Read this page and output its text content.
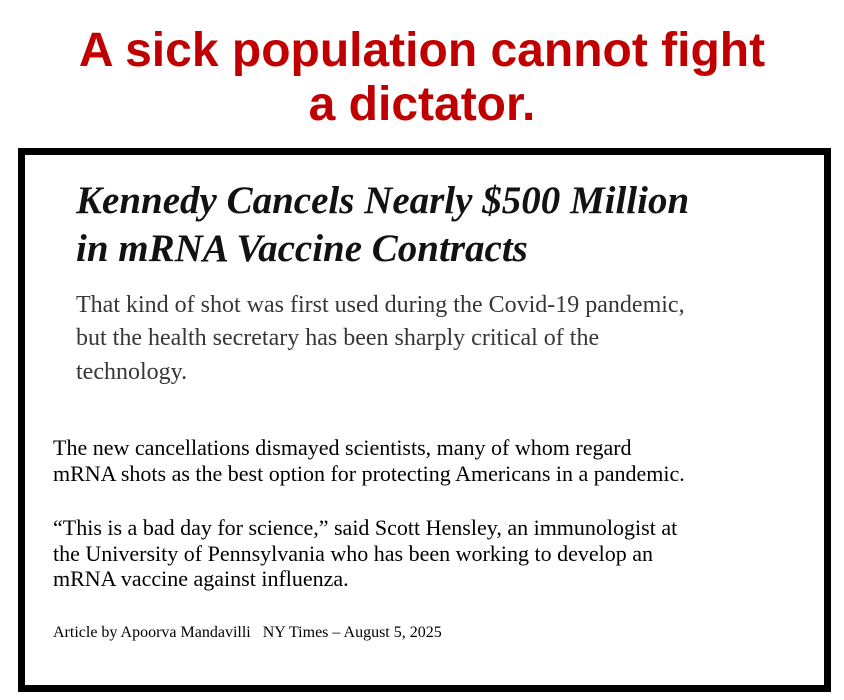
A sick population cannot fight
a dictator.
Kennedy Cancels Nearly $500 Million
in mRNA Vaccine Contracts

That kind of shot was first used during the Covid-19 pandemic,
but the health secretary has been sharply critical of the
technology.

The new cancellations dismayed scientists, many of whom regard
mRNA shots as the best option for protecting Americans in a pandemic.

“This is a bad day for science,” said Scott Hensley, an immunologist at
the University of Pennsylvania who has been working to develop an
mRNA vaccine against influenza.

Article by Apoorva Mandavilli   NY Times – August 5, 2025
